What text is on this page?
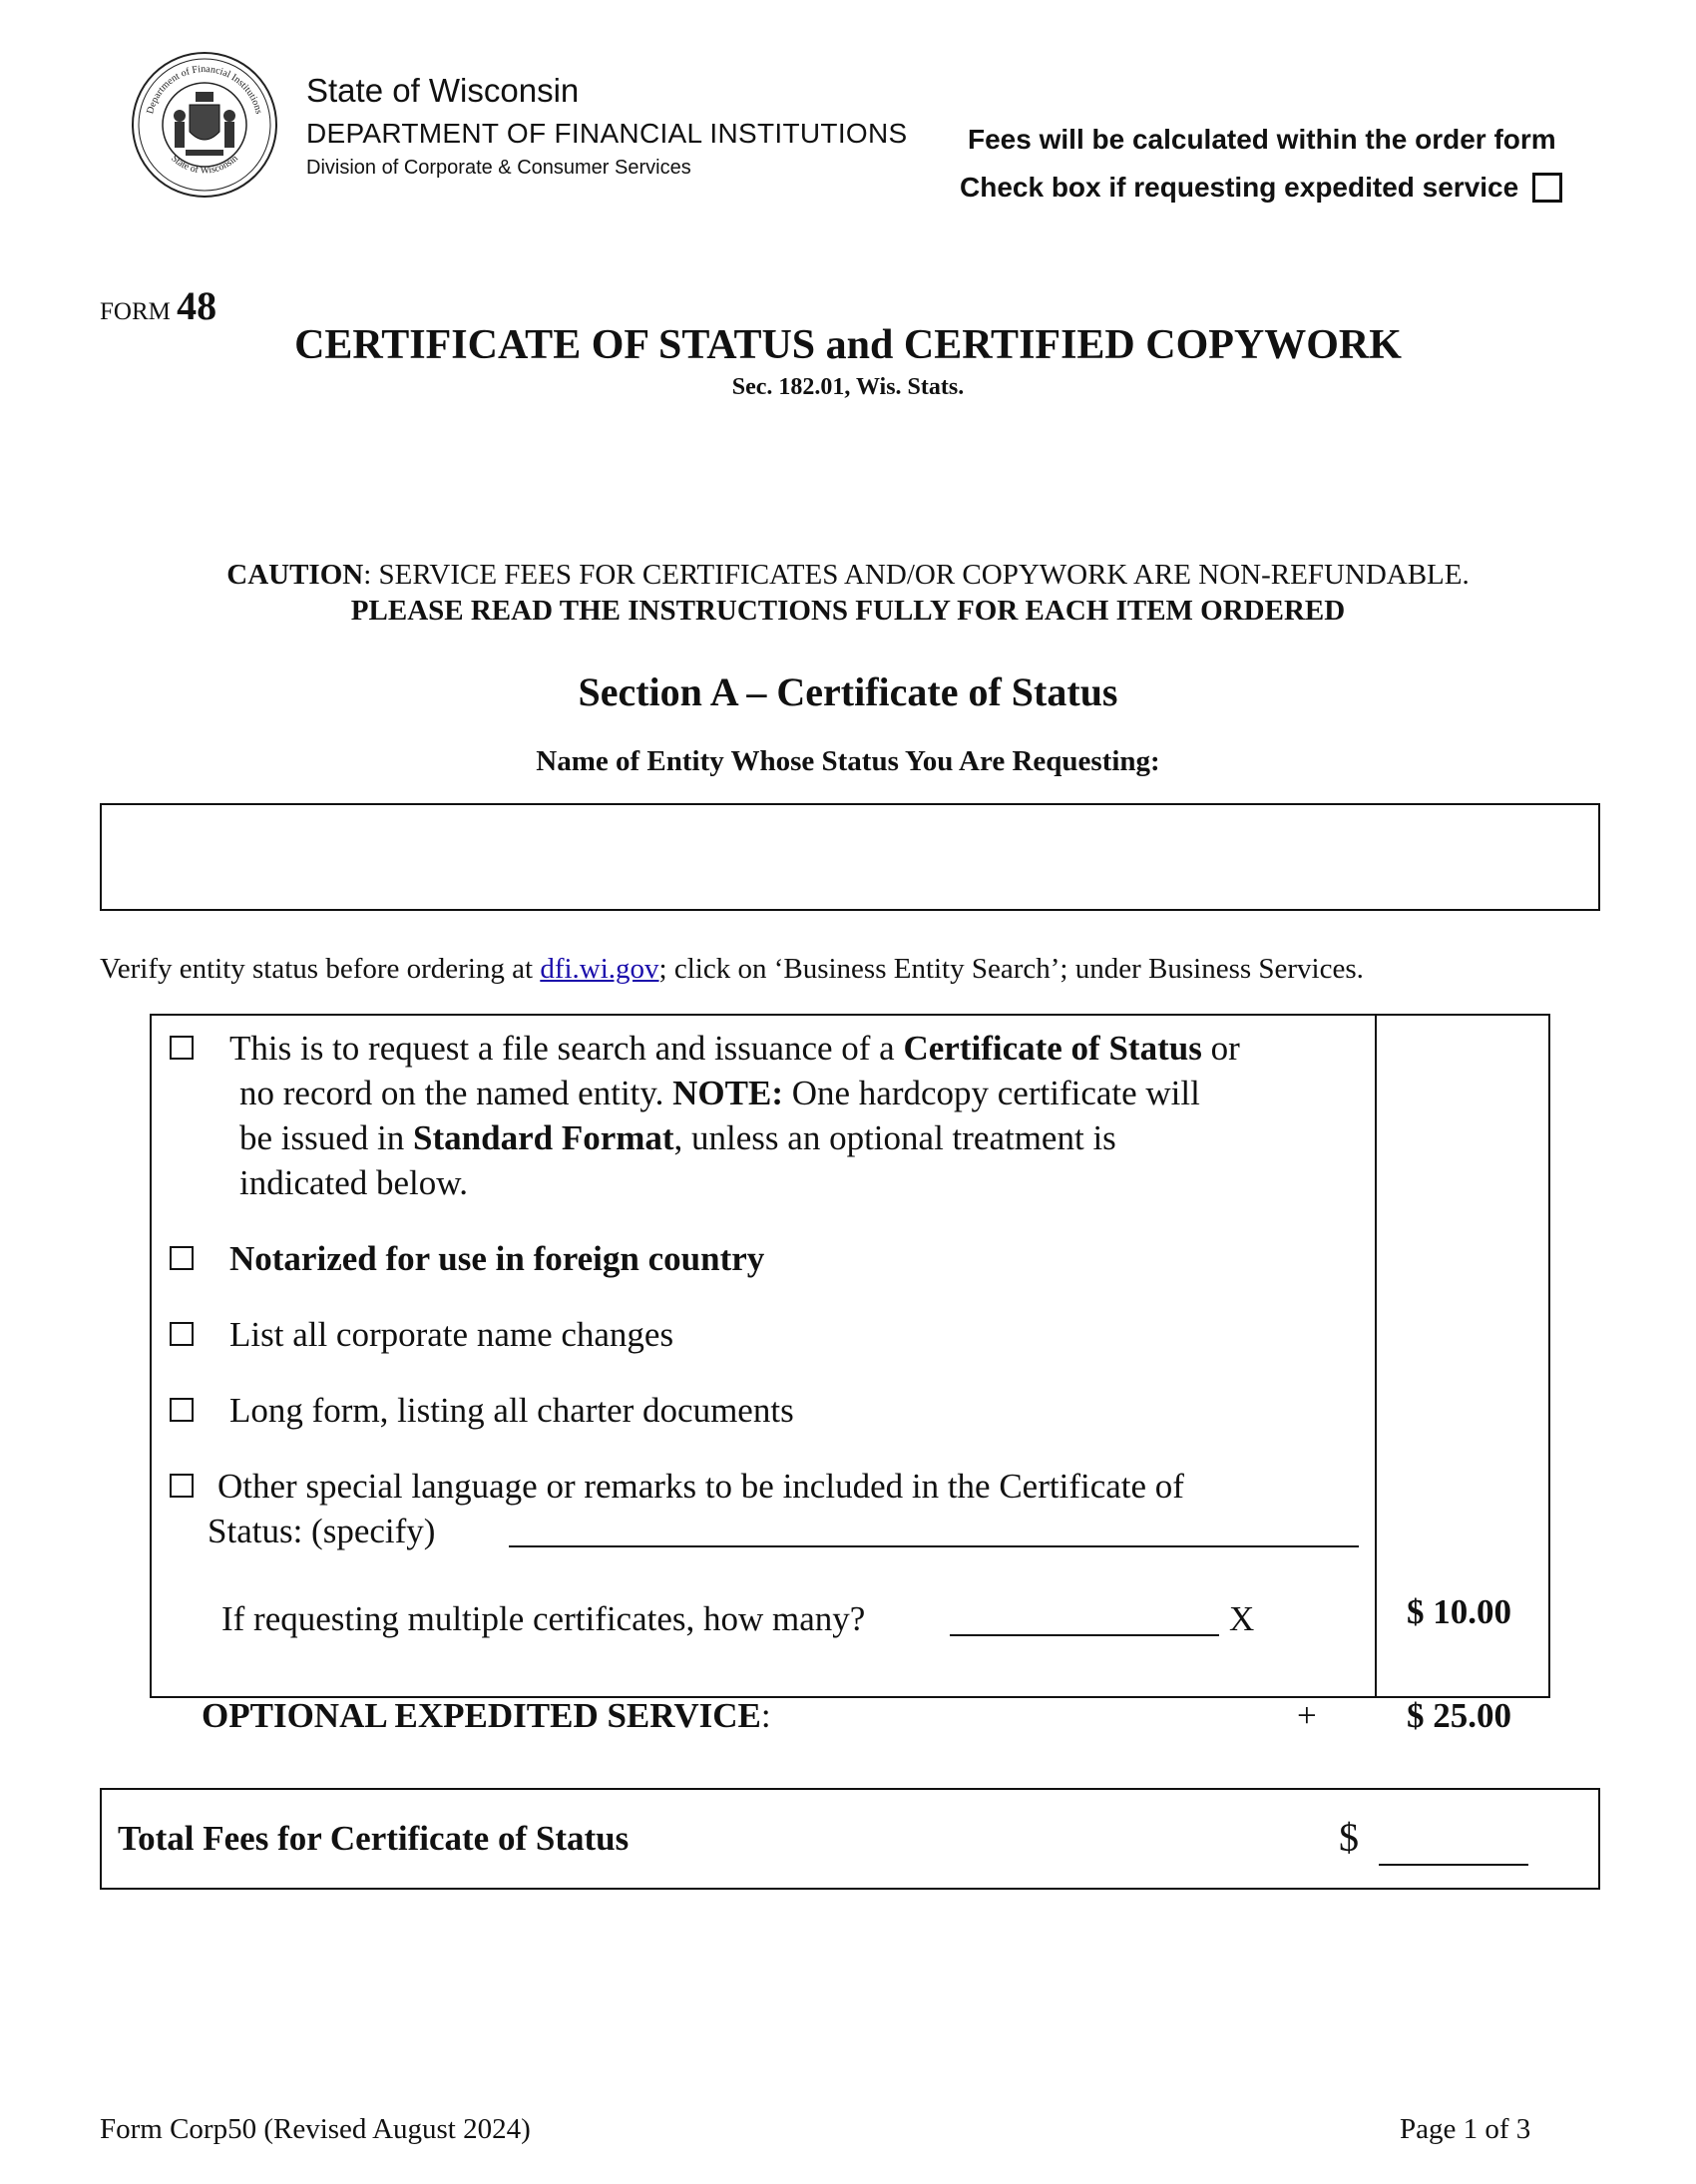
Department of Financial Institutions
State of Wisconsin
State of Wisconsin
DEPARTMENT OF FINANCIAL INSTITUTIONS
Division of Corporate & Consumer Services
Fees will be calculated within the order form
Check box if requesting expedited service
FORM 48
CERTIFICATE OF STATUS and CERTIFIED COPYWORK
Sec. 182.01, Wis. Stats.
CAUTION: SERVICE FEES FOR CERTIFICATES AND/OR COPYWORK ARE NON-REFUNDABLE.
PLEASE READ THE INSTRUCTIONS FULLY FOR EACH ITEM ORDERED
Section A – Certificate of Status
Name of Entity Whose Status You Are Requesting:
Verify entity status before ordering at dfi.wi.gov; click on ‘Business Entity Search’; under Business Services.
This is to request a file search and issuance of a Certificate of Status or
no record on the named entity. NOTE: One hardcopy certificate will
be issued in Standard Format, unless an optional treatment is
indicated below.
Notarized for use in foreign country
List all corporate name changes
Long form, listing all charter documents
Other special language or remarks to be included in the Certificate of
Status: (specify)
If requesting multiple certificates, how many?	X	$ 10.00
OPTIONAL EXPEDITED SERVICE:	+	$ 25.00
Total Fees for Certificate of Status	$
Form Corp50 (Revised August 2024)	Page 1 of 3
